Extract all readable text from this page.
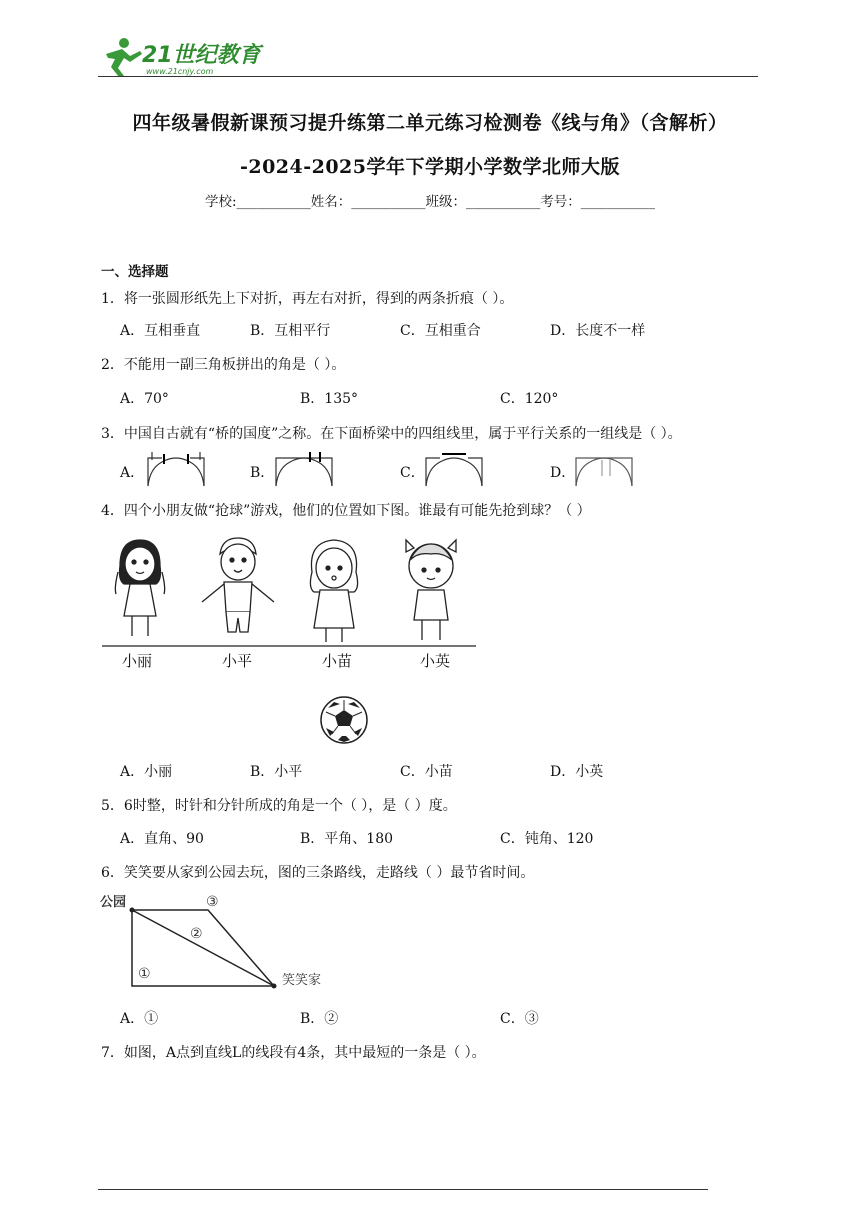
21世纪教育
www.21cnjy.com
四年级暑假新课预习提升练第二单元练习检测卷《线与角》（含解析）
-2024-2025学年下学期小学数学北师大版
学校:___________姓名：___________班级：___________考号：___________
一、选择题
1．将一张圆形纸先上下对折，再左右对折，得到的两条折痕（ ）。
A．互相垂直	B．互相平行	C．互相重合	D．长度不一样
2．不能用一副三角板拼出的角是（ ）。
A．70°	B．135°	C．120°
3．中国自古就有“桥的国度”之称。在下面桥梁中的四组线里，属于平行关系的一组线是（ ）。
A．	B．	C．	D．
4．四个小朋友做“抢球”游戏，他们的位置如下图。谁最有可能先抢到球？（ ）
小丽	小平	小苗	小英
A．小丽	B．小平	C．小苗	D．小英
5．6时整，时针和分针所成的角是一个（ ），是（ ）度。
A．直角、90	B．平角、180	C．钝角、120
6．笑笑要从家到公园去玩，图的三条路线，走路线（ ）最节省时间。
公园
笑笑家
①
②
③
A．①	B．②	C．③
7．如图，A点到直线L的线段有4条，其中最短的一条是（ ）。
